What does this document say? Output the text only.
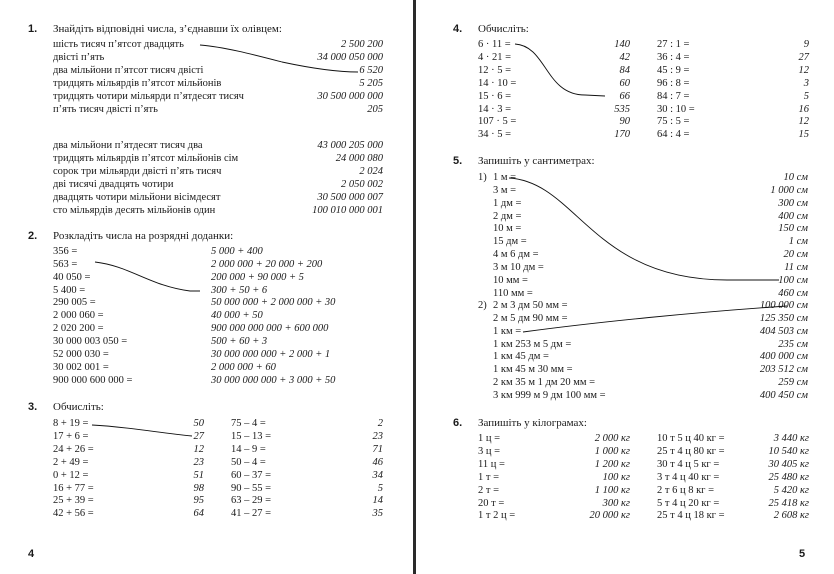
1. Знайдіть відповідні числа, з’єднавши їх олівцем:
шість тисяч п’ятсот двадцять
двісті п’ять
два мільйони п’ятсот тисяч двісті
тридцять мільярдів п’ятсот мільйонів
тридцять чотири мільярди п’ятдесят тисяч
п’ять тисяч двісті п’ять
2 500 200
34 000 050 000
6 520
5 205
30 500 000 000
205
два мільйони п’ятдесят тисяч два
тридцять мільярдів п’ятсот мільйонів сім
сорок три мільярди двісті п’ять тисяч
дві тисячі двадцять чотири
двадцять чотири мільйони вісімдесят
сто мільярдів десять мільйонів один
43 000 205 000
24 000 080
2 024
2 050 002
30 500 000 007
100 010 000 001
2. Розкладіть числа на розрядні доданки:
356 =
563 =
40 050 =
5 400 =
290 005 =
2 000 060 =
2 020 200 =
30 000 003 050 =
52 000 030 =
30 002 001 =
900 000 600 000 =
5 000 + 400
2 000 000 + 20 000 + 200
200 000 + 90 000 + 5
300 + 50 + 6
50 000 000 + 2 000 000 + 30
40 000 + 50
900 000 000 000 + 600 000
500 + 60 + 3
30 000 000 000 + 2 000 + 1
2 000 000 + 60
30 000 000 000 + 3 000 + 50
3. Обчисліть:
8 + 19 =
17 + 6 =
24 + 26 =
2 + 49 =
0 + 12 =
16 + 77 =
25 + 39 =
42 + 56 =
50
27
12
23
51
98
95
64
75 – 4 =
15 – 13 =
14 – 9 =
50 – 4 =
60 – 37 =
90 – 55 =
63 – 29 =
41 – 27 =
2
23
71
46
34
5
14
35
4
4. Обчисліть:
6 · 11 =
4 · 21 =
12 · 5 =
14 · 10 =
15 · 6 =
14 · 3 =
107 · 5 =
34 · 5 =
140
42
84
60
66
535
90
170
27 : 1 =
36 : 4 =
45 : 9 =
96 : 8 =
84 : 7 =
30 : 10 =
75 : 5 =
64 : 4 =
9
27
12
3
5
16
12
15
5. Запишіть у сантиметрах:
1)
2)
1 м =
3 м =
1 дм =
2 дм =
10 м =
15 дм =
4 м 6 дм =
3 м 10 дм =
10 мм =
110 мм =
10 см
1 000 см
300 см
400 см
150 см
1 см
20 см
11 см
100 см
460 см
2 м 3 дм 50 мм =
2 м 5 дм 90 мм =
1 км =
1 км 253 м 5 дм =
1 км 45 дм =
1 км 45 м 30 мм =
2 км 35 м 1 дм 20 мм =
3 км 999 м 9 дм 100 мм =
100 000 см
125 350 см
404 503 см
235 см
400 000 см
203 512 см
259 см
400 450 см
6. Запишіть у кілограмах:
1 ц =
3 ц =
11 ц =
1 т =
2 т =
20 т =
1 т 2 ц =
2 000 кг
1 000 кг
1 200 кг
100 кг
1 100 кг
300 кг
20 000 кг
10 т 5 ц 40 кг =
25 т 4 ц 80 кг =
30 т 4 ц 5 кг =
3 т 4 ц 40 кг =
2 т 6 ц 8 кг =
5 т 4 ц 20 кг =
25 т 4 ц 18 кг =
3 440 кг
10 540 кг
30 405 кг
25 480 кг
5 420 кг
25 418 кг
2 608 кг
5
